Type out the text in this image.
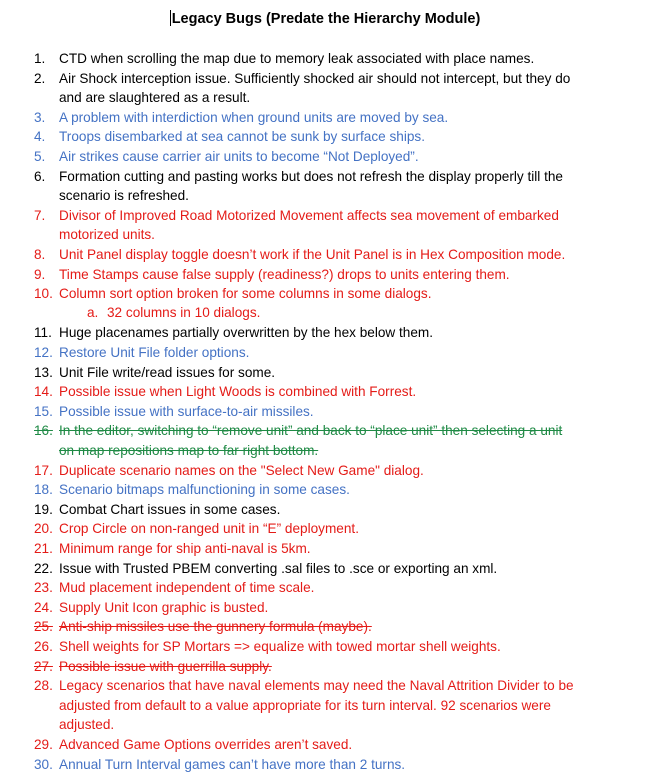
Legacy Bugs (Predate the Hierarchy Module)
1. CTD when scrolling the map due to memory leak associated with place names.
2. Air Shock interception issue. Sufficiently shocked air should not intercept, but they do
and are slaughtered as a result.
3. A problem with interdiction when ground units are moved by sea.
4. Troops disembarked at sea cannot be sunk by surface ships.
5. Air strikes cause carrier air units to become “Not Deployed”.
6. Formation cutting and pasting works but does not refresh the display properly till the
scenario is refreshed.
7. Divisor of Improved Road Motorized Movement affects sea movement of embarked
motorized units.
8. Unit Panel display toggle doesn’t work if the Unit Panel is in Hex Composition mode.
9. Time Stamps cause false supply (readiness?) drops to units entering them.
10. Column sort option broken for some columns in some dialogs.
11. Huge placenames partially overwritten by the hex below them.
12. Restore Unit File folder options.
13. Unit File write/read issues for some.
14. Possible issue when Light Woods is combined with Forrest.
15. Possible issue with surface-to-air missiles.
16. In the editor, switching to “remove unit” and back to “place unit” then selecting a unit
on map repositions map to far right bottom.
17. Duplicate scenario names on the "Select New Game" dialog.
18. Scenario bitmaps malfunctioning in some cases.
19. Combat Chart issues in some cases.
20. Crop Circle on non-ranged unit in “E” deployment.
21. Minimum range for ship anti-naval is 5km.
22. Issue with Trusted PBEM converting .sal files to .sce or exporting an xml.
23. Mud placement independent of time scale.
24. Supply Unit Icon graphic is busted.
25. Anti-ship missiles use the gunnery formula (maybe).
26. Shell weights for SP Mortars => equalize with towed mortar shell weights.
27. Possible issue with guerrilla supply.
28. Legacy scenarios that have naval elements may need the Naval Attrition Divider to be
adjusted from default to a value appropriate for its turn interval. 92 scenarios were
adjusted.
29. Advanced Game Options overrides aren’t saved.
30. Annual Turn Interval games can’t have more than 2 turns.
a. 32 columns in 10 dialogs.
